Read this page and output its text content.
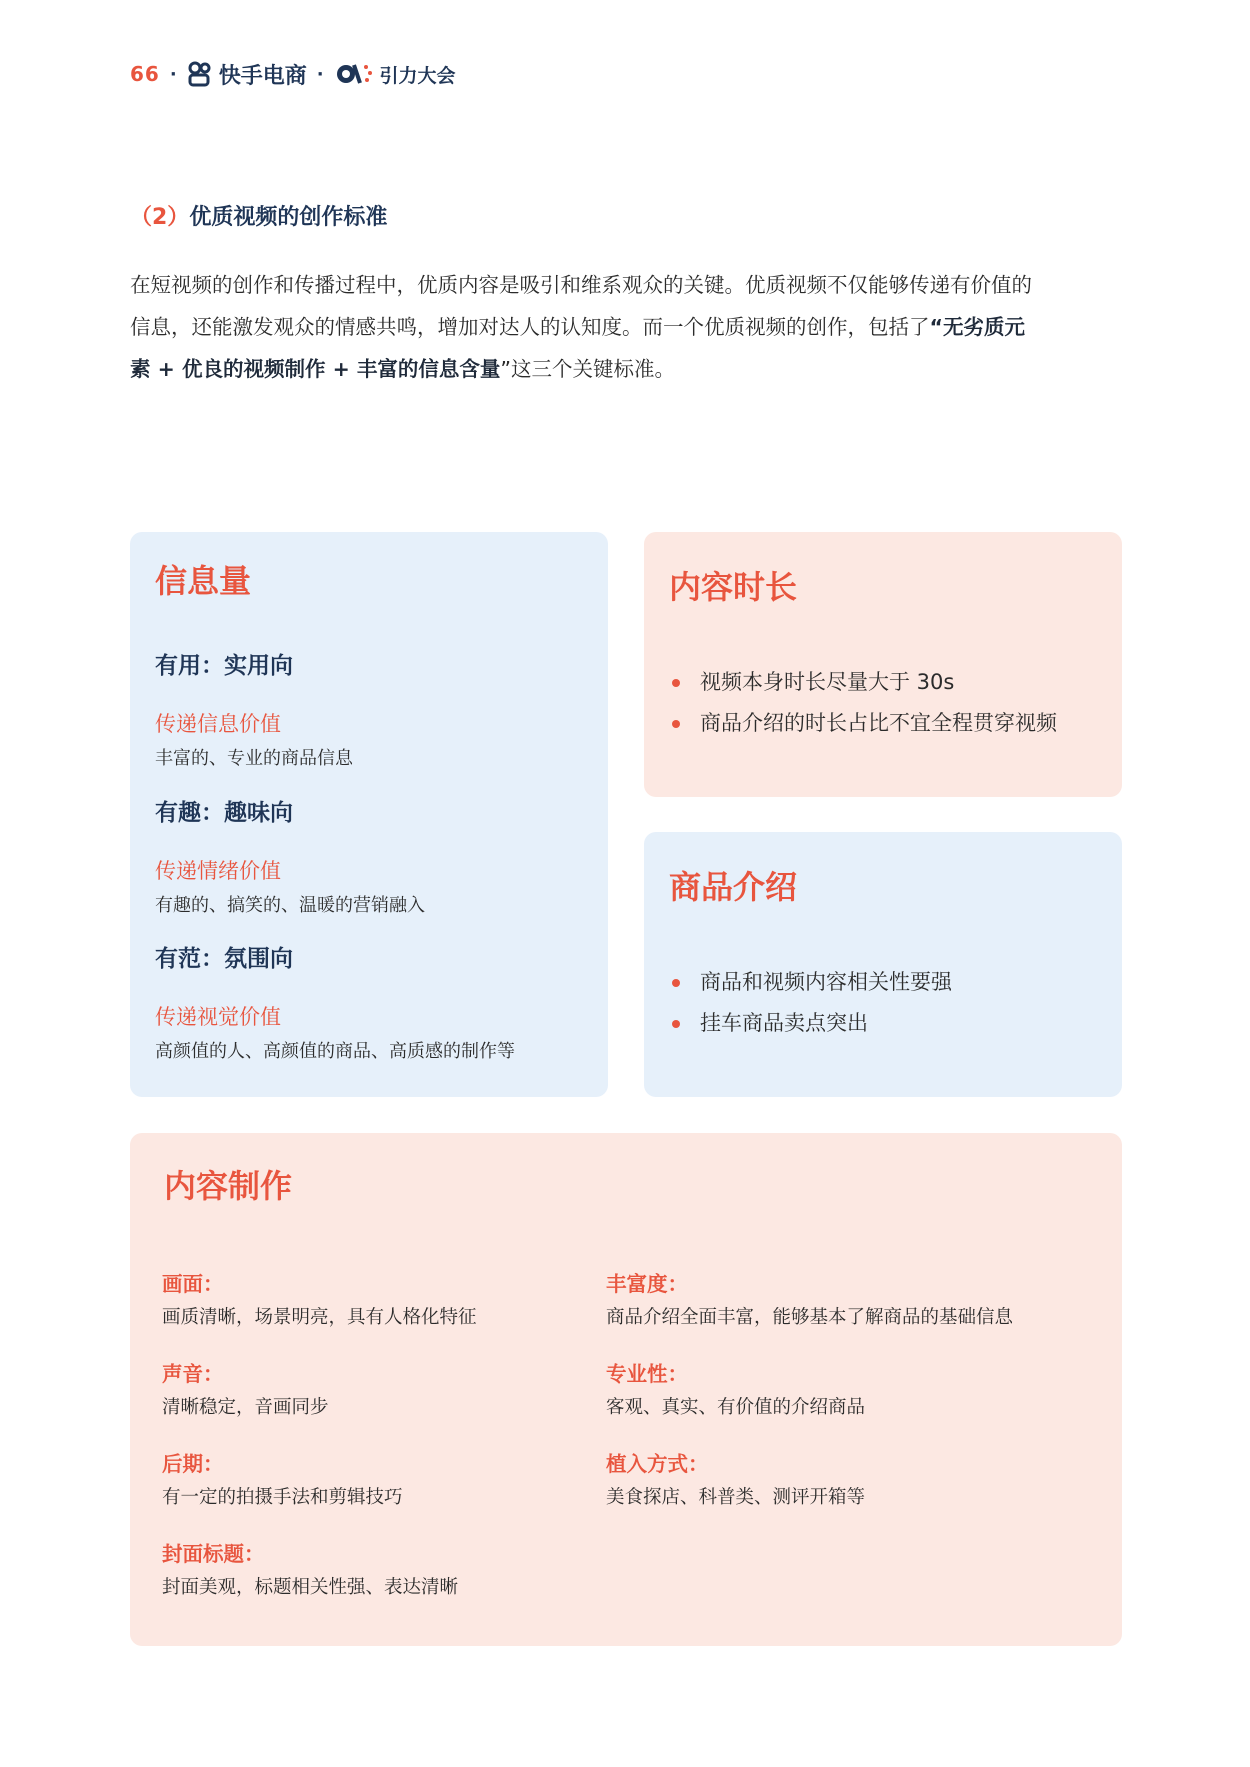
66 · 快手电商 ·	引力大会
（2）优质视频的创作标准
在短视频的创作和传播过程中，优质内容是吸引和维系观众的关键。优质视频不仅能够传递有价值的
信息，还能激发观众的情感共鸣，增加对达人的认知度。而一个优质视频的创作，包括了“无劣质元
素 + 优良的视频制作 + 丰富的信息含量”这三个关键标准。
信息量
有用：实用向
传递信息价值
丰富的、专业的商品信息
有趣：趣味向
传递情绪价值
有趣的、搞笑的、温暖的营销融入
有范：氛围向
传递视觉价值
高颜值的人、高颜值的商品、高质感的制作等
内容时长
视频本身时长尽量大于 30s
商品介绍的时长占比不宜全程贯穿视频
商品介绍
商品和视频内容相关性要强
挂车商品卖点突出
内容制作
画面：
画质清晰，场景明亮，具有人格化特征
声音：
清晰稳定，音画同步
后期：
有一定的拍摄手法和剪辑技巧
封面标题：
封面美观，标题相关性强、表达清晰
丰富度：
商品介绍全面丰富，能够基本了解商品的基础信息
专业性：
客观、真实、有价值的介绍商品
植入方式：
美食探店、科普类、测评开箱等
